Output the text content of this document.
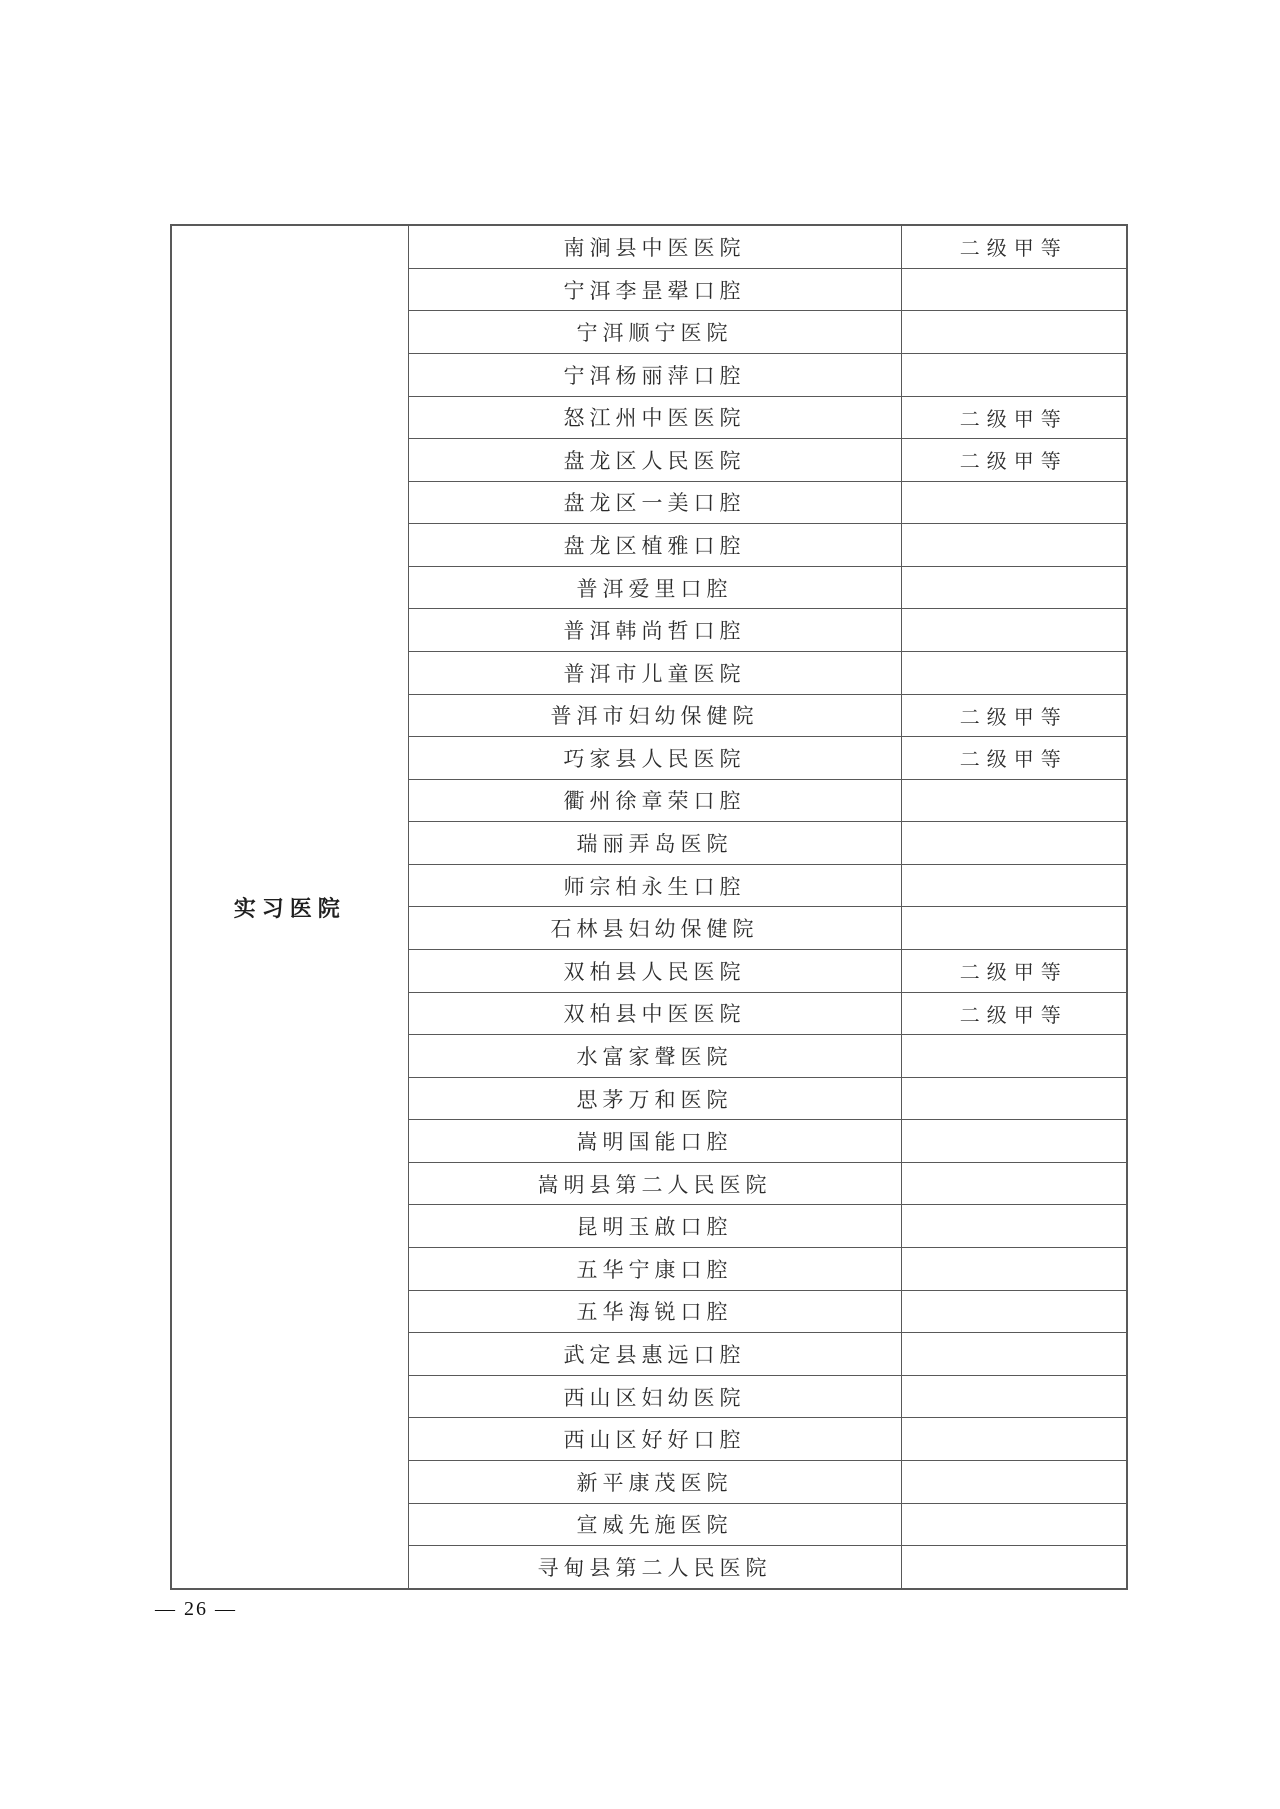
实习医院	南涧县中医医院	二级甲等
	宁洱李昰翚口腔	
	宁洱顺宁医院	
	宁洱杨丽萍口腔	
	怒江州中医医院	二级甲等
	盘龙区人民医院	二级甲等
	盘龙区一美口腔	
	盘龙区植雅口腔	
	普洱爱里口腔	
	普洱韩尚哲口腔	
	普洱市儿童医院	
	普洱市妇幼保健院	二级甲等
	巧家县人民医院	二级甲等
	衢州徐章荣口腔	
	瑞丽弄岛医院	
	师宗柏永生口腔	
	石林县妇幼保健院	
	双柏县人民医院	二级甲等
	双柏县中医医院	二级甲等
	水富家聲医院	
	思茅万和医院	
	嵩明国能口腔	
	嵩明县第二人民医院	
	昆明玉啟口腔	
	五华宁康口腔	
	五华海锐口腔	
	武定县惠远口腔	
	西山区妇幼医院	
	西山区好好口腔	
	新平康茂医院	
	宣威先施医院	
	寻甸县第二人民医院	
— 26 —
